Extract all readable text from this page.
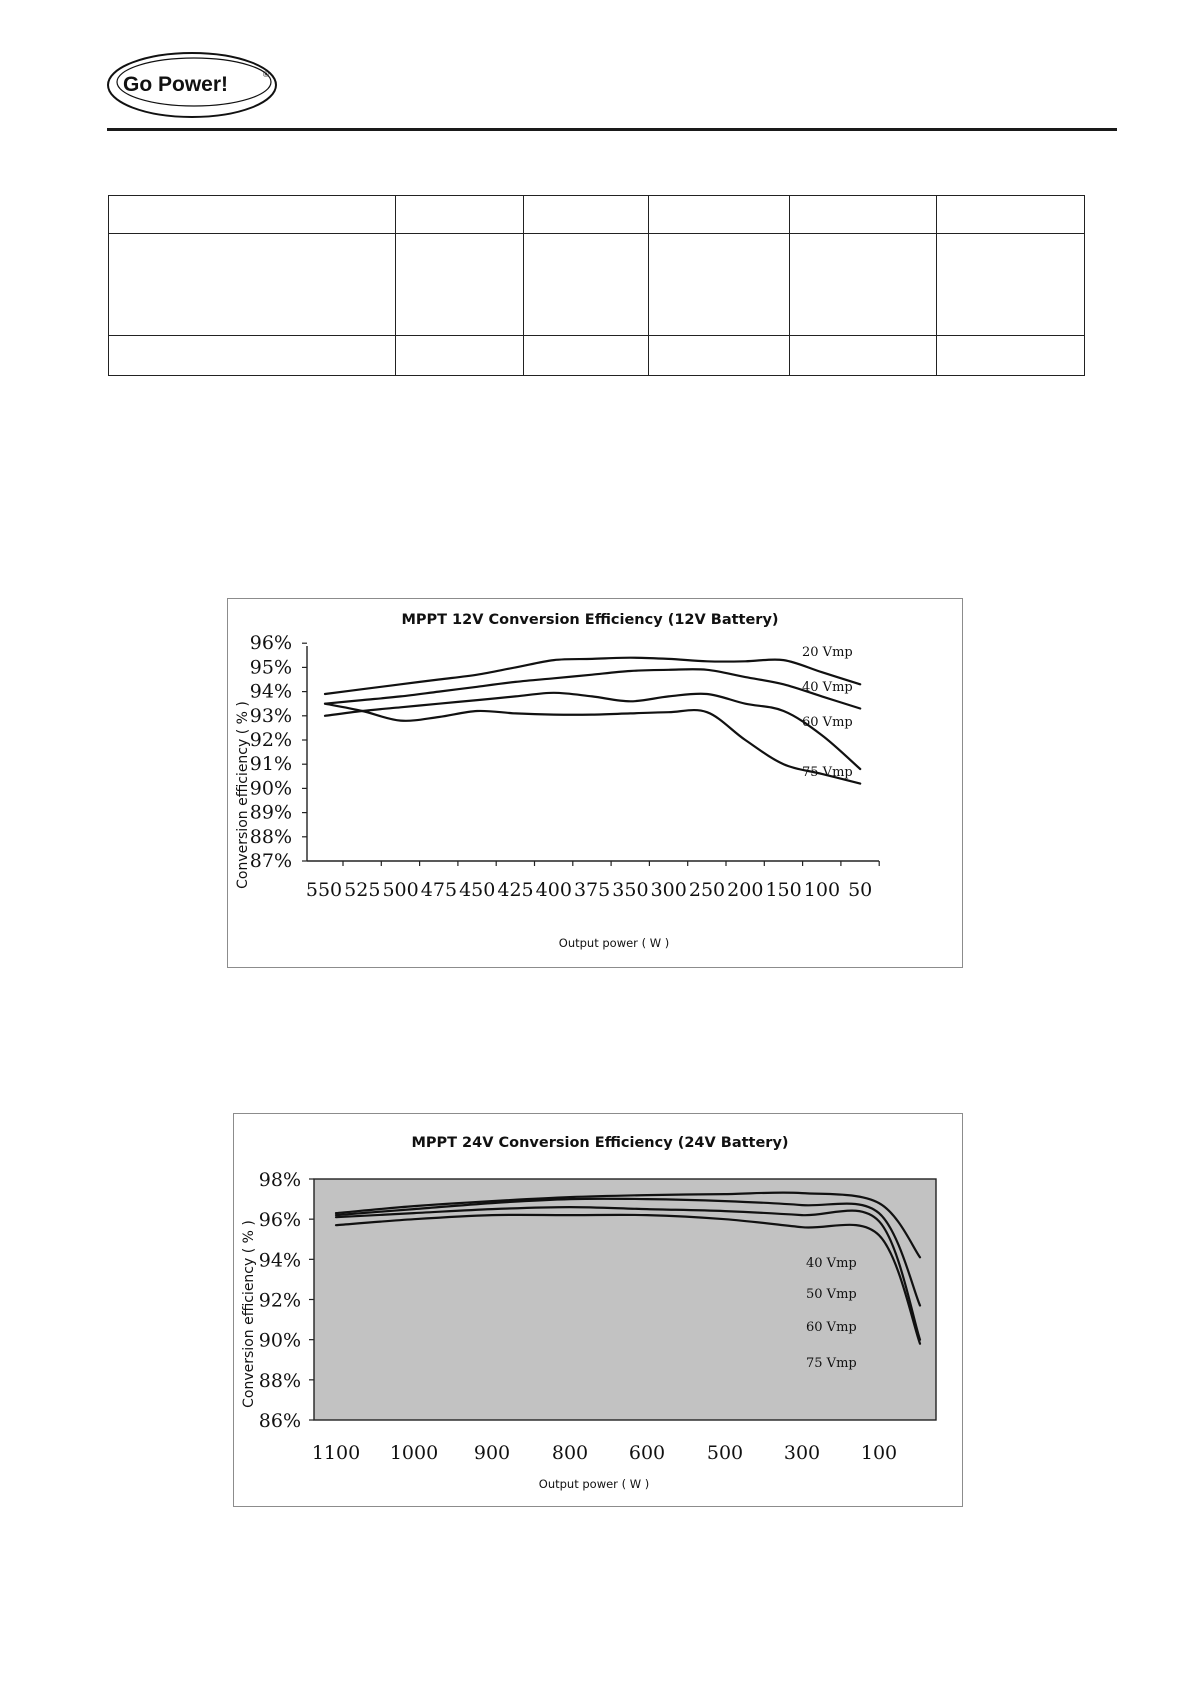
Go Power!	®

MPPT 12V Conversion Efficiency (12V Battery)
Output power ( W )
Conversion efficiency ( % )
87%
88%
89%
90%
91%
92%
93%
94%
95%
96%
550 525 500 475 450 425 400 375 350 300 250 200 150 100 50
20 Vmp
40 Vmp
60 Vmp
75 Vmp
MPPT 24V Conversion Efficiency (24V Battery)
Output power ( W )
Conversion efficiency ( % )
86%
88%
90%
92%
94%
96%
98%
1100 1000 900 800 600 500 300 100
40 Vmp
50 Vmp
60 Vmp
75 Vmp
